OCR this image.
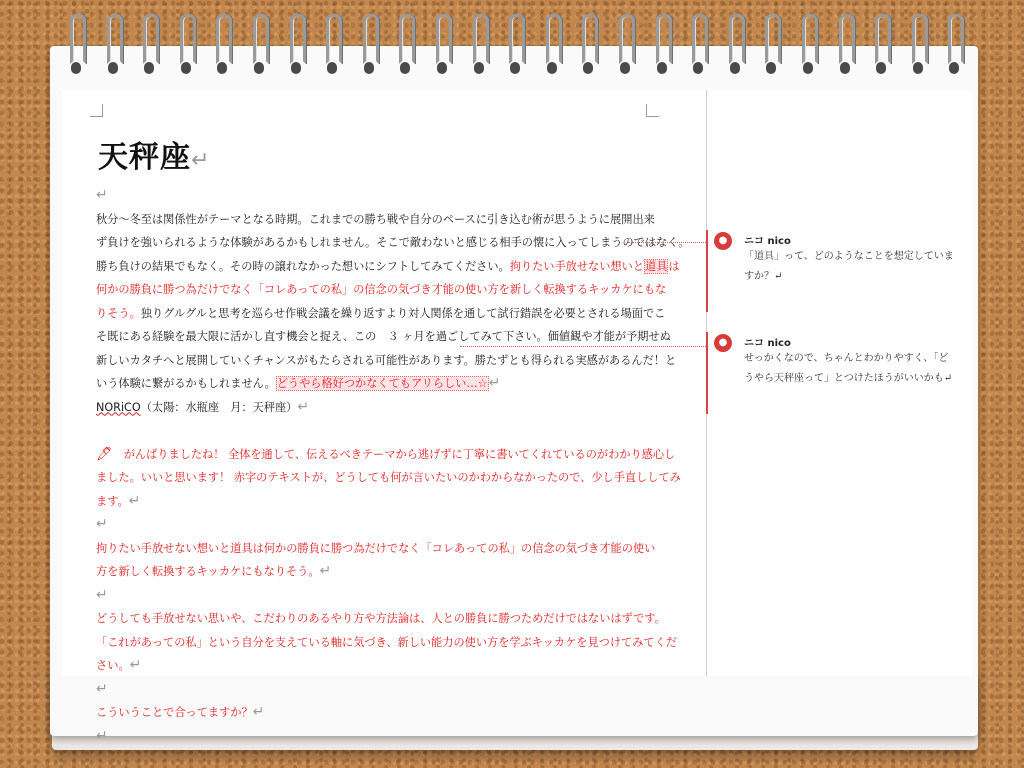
天秤座↵
↵
秋分～冬至は関係性がテーマとなる時期。これまでの勝ち戦や自分のペースに引き込む術が思うように展開出来
ず負けを強いられるような体験があるかもしれません。そこで敵わないと感じる相手の懐に入ってしまうのではなく。
勝ち負けの結果でもなく。その時の譲れなかった想いにシフトしてみてください。拘りたい手放せない想いと道具は
何かの勝負に勝つ為だけでなく「コレあっての私」の信念の気づき才能の使い方を新しく転換するキッカケにもな
りそう。独りグルグルと思考を巡らせ作戦会議を繰り返すより対人関係を通して試行錯誤を必要とされる場面でこ
そ既にある経験を最大限に活かし直す機会と捉え、この　３ ヶ月を過ごしてみて下さい。価値観や才能が予期せぬ
新しいカタチへと展開していくチャンスがもたらされる可能性があります。勝たずとも得られる実感があるんだ！と
いう体験に繋がるかもしれません。どうやら格好つかなくてもアリらしい…☆↵
NORiCO（太陽：水瓶座　月：天秤座）↵
🖊　がんばりましたね！ 全体を通して、伝えるべきテーマから逃げずに丁寧に書いてくれているのがわかり感心し
ました。いいと思います！ 赤字のテキストが、どうしても何が言いたいのかわからなかったので、少し手直ししてみ
ます。↵
↵
拘りたい手放せない想いと道具は何かの勝負に勝つ為だけでなく「コレあっての私」の信念の気づき才能の使い
方を新しく転換するキッカケにもなりそう。↵
↵
どうしても手放せない思いや、こだわりのあるやり方や方法論は、人との勝負に勝つためだけではないはずです。
「これがあっての私」という自分を支えている軸に気づき、新しい能力の使い方を学ぶキッカケを見つけてみてくだ
さい。↵
↵
こういうことで合ってますか？↵
↵
●	ニコ nico
「道具」って、どのようなことを想定していますか？↵
●	ニコ nico
せっかくなので、ちゃんとわかりやすく、「どうやら天秤座って」とつけたほうがいいかも↵
